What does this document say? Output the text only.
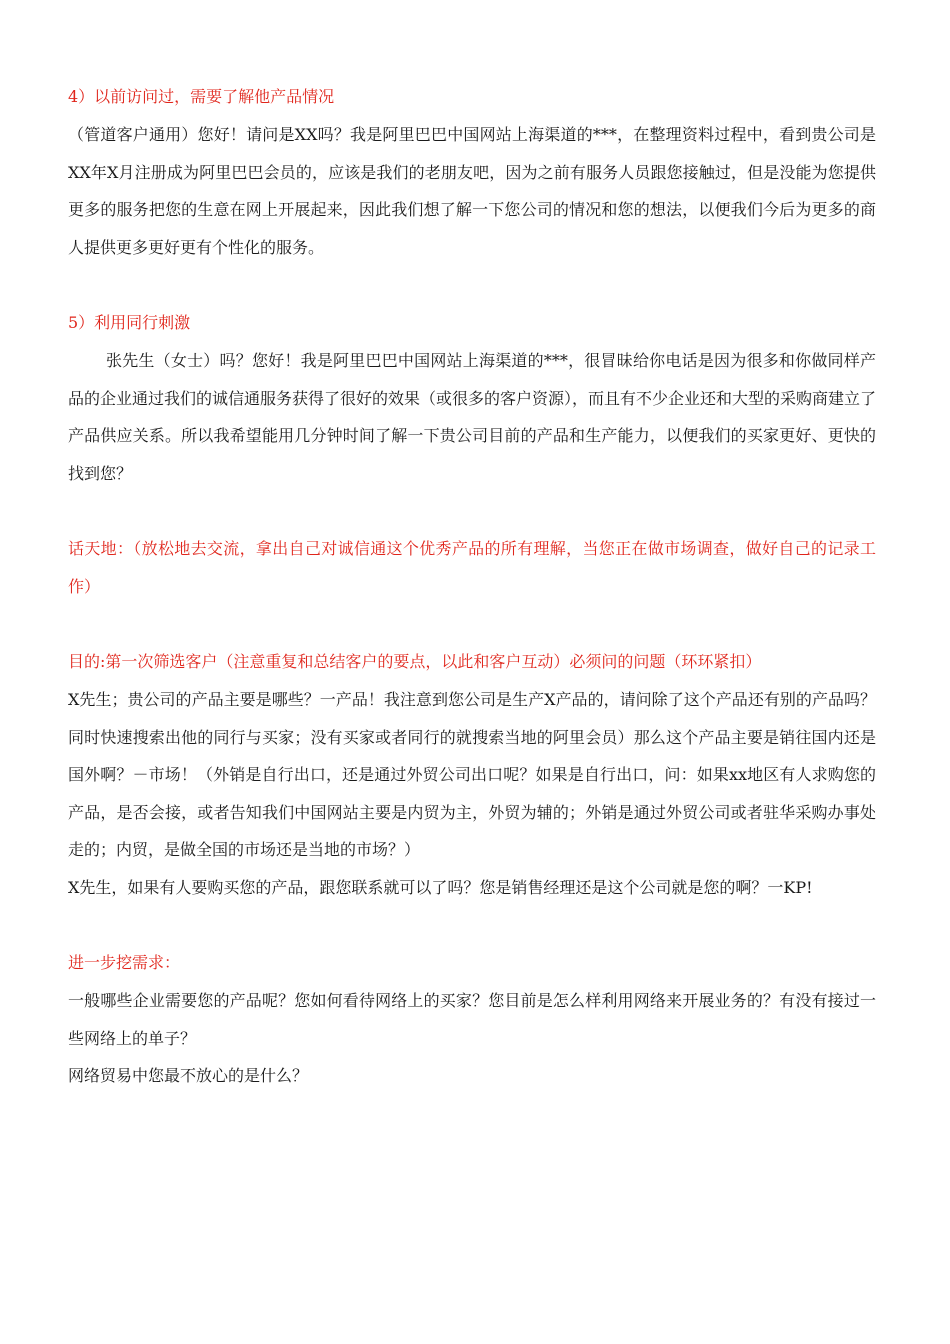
4）以前访问过，需要了解他产品情况

（管道客户通用）您好！请问是XX吗？我是阿里巴巴中国网站上海渠道的***，在整理资料过程中，看到贵公司是XX年X月注册成为阿里巴巴会员的，应该是我们的老朋友吧，因为之前有服务人员跟您接触过，但是没能为您提供更多的服务把您的生意在网上开展起来，因此我们想了解一下您公司的情况和您的想法，以便我们今后为更多的商人提供更多更好更有个性化的服务。

5）利用同行刺激

张先生（女士）吗？您好！我是阿里巴巴中国网站上海渠道的***，很冒昧给你电话是因为很多和你做同样产品的企业通过我们的诚信通服务获得了很好的效果（或很多的客户资源），而且有不少企业还和大型的采购商建立了产品供应关系。所以我希望能用几分钟时间了解一下贵公司目前的产品和生产能力，以便我们的买家更好、更快的找到您？

话天地：（放松地去交流，拿出自己对诚信通这个优秀产品的所有理解，当您正在做市场调查，做好自己的记录工作）

目的:第一次筛选客户（注意重复和总结客户的要点，以此和客户互动）必须问的问题（环环紧扣）

X先生；贵公司的产品主要是哪些？一产品！我注意到您公司是生产X产品的，请问除了这个产品还有别的产品吗？同时快速搜索出他的同行与买家；没有买家或者同行的就搜索当地的阿里会员）那么这个产品主要是销往国内还是国外啊？－市场！（外销是自行出口，还是通过外贸公司出口呢？如果是自行出口，问：如果xx地区有人求购您的产品，是否会接，或者告知我们中国网站主要是内贸为主，外贸为辅的；外销是通过外贸公司或者驻华采购办事处走的；内贸，是做全国的市场还是当地的市场？）

X先生，如果有人要购买您的产品，跟您联系就可以了吗？您是销售经理还是这个公司就是您的啊？一KP!

进一步挖需求：

一般哪些企业需要您的产品呢？您如何看待网络上的买家？您目前是怎么样利用网络来开展业务的？有没有接过一些网络上的单子？

网络贸易中您最不放心的是什么？
